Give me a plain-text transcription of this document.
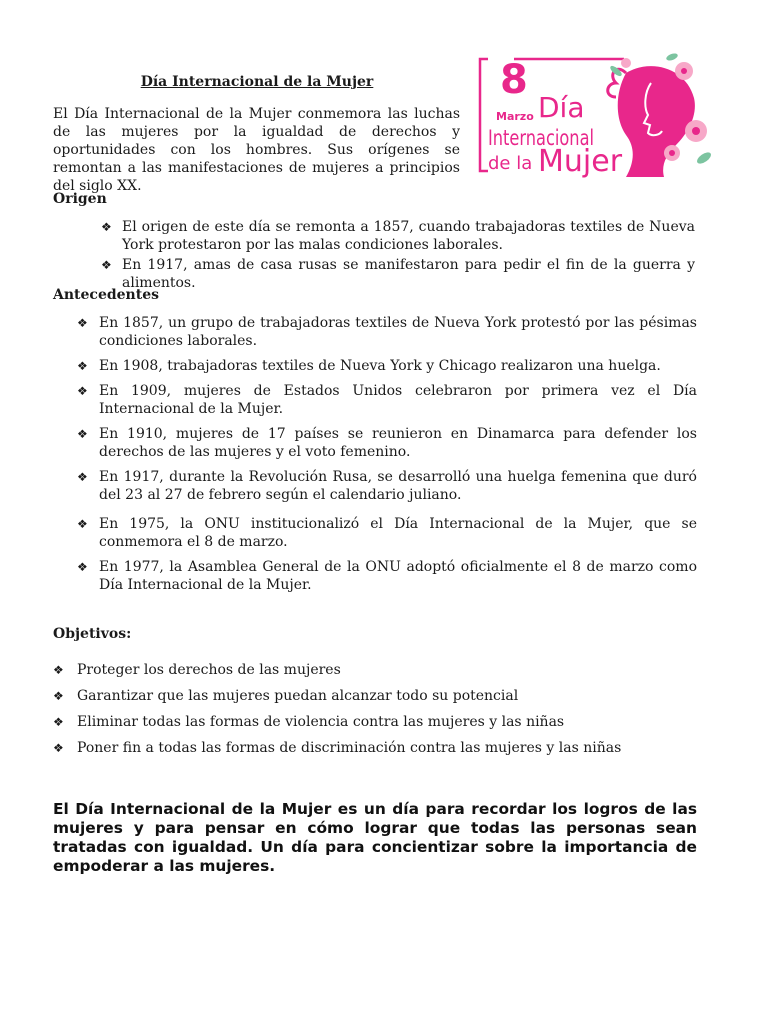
Día Internacional de la Mujer

El Día Internacional de la Mujer conmemora las luchas de las mujeres por la igualdad de derechos y oportunidades con los hombres. Sus orígenes se remontan a las manifestaciones de mujeres a principios del siglo XX.

8
Marzo Día
Internacional
de la Mujer
Origen
❖ El origen de este día se remonta a 1857, cuando trabajadoras textiles de Nueva York protestaron por las malas condiciones laborales.
❖ En 1917, amas de casa rusas se manifestaron para pedir el fin de la guerra y alimentos.
Antecedentes
❖ En 1857, un grupo de trabajadoras textiles de Nueva York protestó por las pésimas condiciones laborales.
❖ En 1908, trabajadoras textiles de Nueva York y Chicago realizaron una huelga.
❖ En 1909, mujeres de Estados Unidos celebraron por primera vez el Día Internacional de la Mujer.
❖ En 1910, mujeres de 17 países se reunieron en Dinamarca para defender los derechos de las mujeres y el voto femenino.
❖ En 1917, durante la Revolución Rusa, se desarrolló una huelga femenina que duró del 23 al 27 de febrero según el calendario juliano.
❖ En 1975, la ONU institucionalizó el Día Internacional de la Mujer, que se conmemora el 8 de marzo.
❖ En 1977, la Asamblea General de la ONU adoptó oficialmente el 8 de marzo como Día Internacional de la Mujer.
Objetivos:
❖ Proteger los derechos de las mujeres
❖ Garantizar que las mujeres puedan alcanzar todo su potencial
❖ Eliminar todas las formas de violencia contra las mujeres y las niñas
❖ Poner fin a todas las formas de discriminación contra las mujeres y las niñas

El Día Internacional de la Mujer es un día para recordar los logros de las mujeres y para pensar en cómo lograr que todas las personas sean tratadas con igualdad. Un día para concientizar sobre la importancia de empoderar a las mujeres.
